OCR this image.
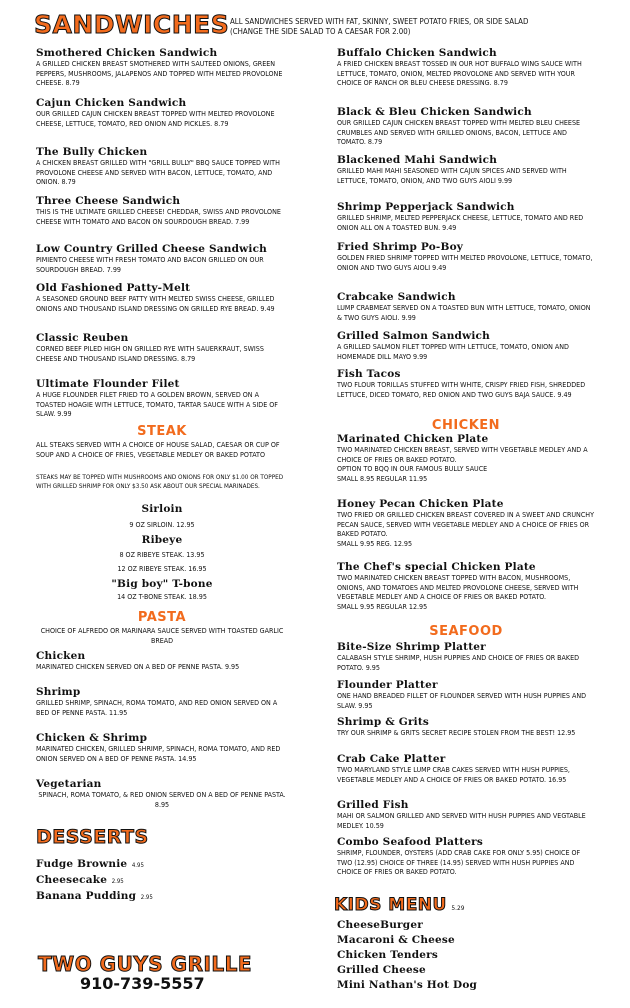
SANDWICHES ALL SANDWICHES SERVED WITH FAT, SKINNY, SWEET POTATO FRIES, OR SIDE SALAD (CHANGE THE SIDE SALAD TO A CAESAR FOR 2.00)
Smothered Chicken Sandwich
A GRILLED CHICKEN BREAST SMOTHERED WITH SAUTEED ONIONS, GREEN PEPPERS, MUSHROOMS, JALAPENOS AND TOPPED WITH MELTED PROVOLONE CHEESE. 8.79
Cajun Chicken Sandwich
OUR GRILLED CAJUN CHICKEN BREAST TOPPED WITH MELTED PROVOLONE CHEESE, LETTUCE, TOMATO, RED ONION AND PICKLES. 8.79
The Bully Chicken
A CHICKEN BREAST GRILLED WITH "GRILL BULLY" BBQ SAUCE TOPPED WITH PROVOLONE CHEESE AND SERVED WITH BACON, LETTUCE, TOMATO, AND ONION. 8.79
Three Cheese Sandwich
THIS IS THE ULTIMATE GRILLED CHEESE! CHEDDAR, SWISS AND PROVOLONE CHEESE WITH TOMATO AND BACON ON SOURDOUGH BREAD. 7.99
Low Country Grilled Cheese Sandwich
PIMIENTO CHEESE WITH FRESH TOMATO AND BACON GRILLED ON OUR SOURDOUGH BREAD. 7.99
Old Fashioned Patty-Melt
A SEASONED GROUND BEEF PATTY WITH MELTED SWISS CHEESE, GRILLED ONIONS AND THOUSAND ISLAND DRESSING ON GRILLED RYE BREAD. 9.49
Classic Reuben
CORNED BEEF PILED HIGH ON GRILLED RYE WITH SAUERKRAUT, SWISS CHEESE AND THOUSAND ISLAND DRESSING. 8.79
Ultimate Flounder Filet
A HUGE FLOUNDER FILET FRIED TO A GOLDEN BROWN, SERVED ON A TOASTED HOAGIE WITH LETTUCE, TOMATO, TARTAR SAUCE WITH A SIDE OF SLAW. 9.99
STEAK
ALL STEAKS SERVED WITH A CHOICE OF HOUSE SALAD, CAESAR OR CUP OF SOUP AND A CHOICE OF FRIES, VEGETABLE MEDLEY OR BAKED POTATO
STEAKS MAY BE TOPPED WITH MUSHROOMS AND ONIONS FOR ONLY $1.00 OR TOPPED WITH GRILLED SHRIMP FOR ONLY $3.50 ASK ABOUT OUR SPECIAL MARINADES.
Sirloin
9 OZ SIRLOIN. 12.95
Ribeye
8 OZ RIBEYE STEAK. 13.95
12 OZ RIBEYE STEAK. 16.95
"Big boy" T-bone
14 OZ T-BONE STEAK. 18.95
PASTA
CHOICE OF ALFREDO OR MARINARA SAUCE SERVED WITH TOASTED GARLIC BREAD
Chicken
MARINATED CHICKEN SERVED ON A BED OF PENNE PASTA. 9.95
Shrimp
GRILLED SHRIMP, SPINACH, ROMA TOMATO, AND RED ONION SERVED ON A BED OF PENNE PASTA. 11.95
Chicken & Shrimp
MARINATED CHICKEN, GRILLED SHRIMP, SPINACH, ROMA TOMATO, AND RED ONION SERVED ON A BED OF PENNE PASTA. 14.95
Vegetarian
SPINACH, ROMA TOMATO, & RED ONION SERVED ON A BED OF PENNE PASTA. 8.95
DESSERTS
Fudge Brownie 4.95
Cheesecake 2.95
Banana Pudding 2.95
TWO GUYS GRILLE
910-739-5557
Buffalo Chicken Sandwich
A FRIED CHICKEN BREAST TOSSED IN OUR HOT BUFFALO WING SAUCE WITH LETTUCE, TOMATO, ONION, MELTED PROVOLONE AND SERVED WITH YOUR CHOICE OF RANCH OR BLEU CHEESE DRESSING. 8.79
Black & Bleu Chicken Sandwich
OUR GRILLED CAJUN CHICKEN BREAST TOPPED WITH MELTED BLEU CHEESE CRUMBLES AND SERVED WITH GRILLED ONIONS, BACON, LETTUCE AND TOMATO. 8.79
Blackened Mahi Sandwich
GRILLED MAHI MAHI SEASONED WITH CAJUN SPICES AND SERVED WITH LETTUCE, TOMATO, ONION, AND TWO GUYS AIOLI 9.99
Shrimp Pepperjack Sandwich
GRILLED SHRIMP, MELTED PEPPERJACK CHEESE, LETTUCE, TOMATO AND RED ONION ALL ON A TOASTED BUN. 9.49
Fried Shrimp Po-Boy
GOLDEN FRIED SHRIMP TOPPED WITH MELTED PROVOLONE, LETTUCE, TOMATO, ONION AND TWO GUYS AIOLI 9.49
Crabcake Sandwich
LUMP CRABMEAT SERVED ON A TOASTED BUN WITH LETTUCE, TOMATO, ONION & TWO GUYS AIOLI. 9.99
Grilled Salmon Sandwich
A GRILLED SALMON FILET TOPPED WITH LETTUCE, TOMATO, ONION AND HOMEMADE DILL MAYO 9.99
Fish Tacos
TWO FLOUR TORILLAS STUFFED WITH WHITE, CRISPY FRIED FISH, SHREDDED LETTUCE, DICED TOMATO, RED ONION AND TWO GUYS BAJA SAUCE. 9.49
CHICKEN
Marinated Chicken Plate
TWO MARINATED CHICKEN BREAST, SERVED WITH VEGETABLE MEDLEY AND A CHOICE OF FRIES OR BAKED POTATO.
OPTION TO BQQ IN OUR FAMOUS BULLY SAUCE
SMALL 8.95 REGULAR 11.95
Honey Pecan Chicken Plate
TWO FRIED OR GRILLED CHICKEN BREAST COVERED IN A SWEET AND CRUNCHY PECAN SAUCE, SERVED WITH VEGETABLE MEDLEY AND A CHOICE OF FRIES OR BAKED POTATO.
SMALL 9.95 REG. 12.95
The Chef's special Chicken Plate
TWO MARINATED CHICKEN BREAST TOPPED WITH BACON, MUSHROOMS, ONIONS, AND TOMATOES AND MELTED PROVOLONE CHEESE, SERVED WITH VEGETABLE MEDLEY AND A CHOICE OF FRIES OR BAKED POTATO.
SMALL 9.95 REGULAR 12.95
SEAFOOD
Bite-Size Shrimp Platter
CALABASH STYLE SHRIMP, HUSH PUPPIES AND CHOICE OF FRIES OR BAKED POTATO. 9.95
Flounder Platter
ONE HAND BREADED FILLET OF FLOUNDER SERVED WITH HUSH PUPPIES AND SLAW. 9.95
Shrimp & Grits
TRY OUR SHRIMP & GRITS SECRET RECIPE STOLEN FROM THE BEST! 12.95
Crab Cake Platter
TWO MARYLAND STYLE LUMP CRAB CAKES SERVED WITH HUSH PUPPIES, VEGETABLE MEDLEY AND A CHOICE OF FRIES OR BAKED POTATO. 16.95
Grilled Fish
MAHI OR SALMON GRILLED AND SERVED WITH HUSH PUPPIES AND VEGTABLE MEDLEY. 10.59
Combo Seafood Platters
SHRIMP, FLOUNDER, OYSTERS (ADD CRAB CAKE FOR ONLY 5.95) CHOICE OF TWO (12.95) CHOICE OF THREE (14.95) SERVED WITH HUSH PUPPIES AND CHOICE OF FRIES OR BAKED POTATO.
KIDS MENU 5.29
CheeseBurger
Macaroni & Cheese
Chicken Tenders
Grilled Cheese
Mini Nathan's Hot Dog
